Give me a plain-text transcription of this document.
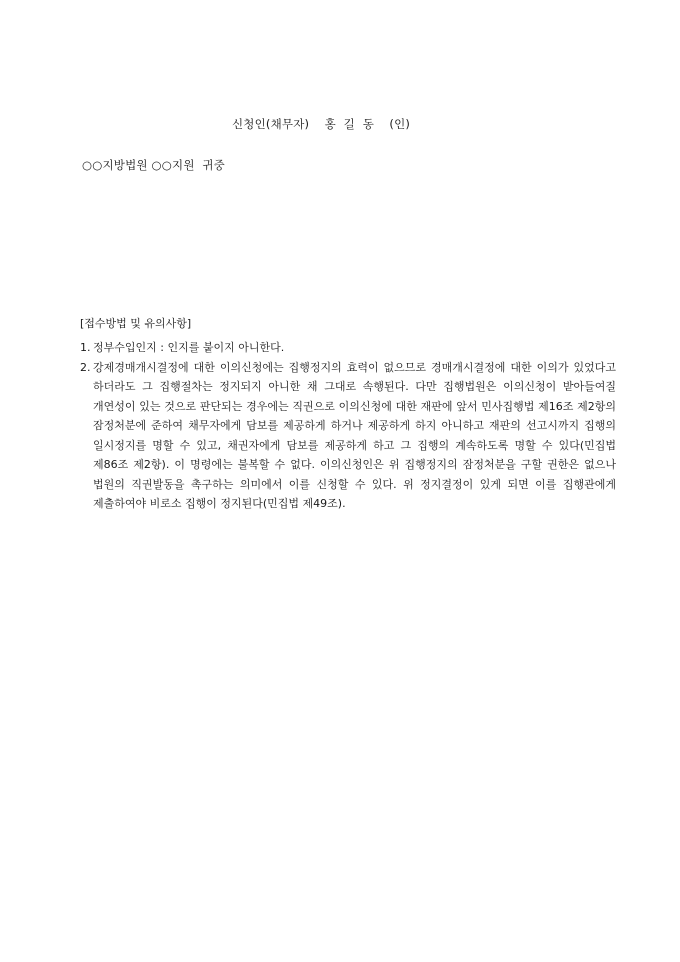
신청인(채무자)    홍  길  동    (인)
○○지방법원 ○○지원  귀중
[접수방법 및 유의사항]
1. 정부수입인지 : 인지를 붙이지 아니한다.
2. 강제경매개시결정에 대한 이의신청에는 집행정지의 효력이 없으므로 경매개시결정에 대한 이의가 있었다고 하더라도 그 집행절차는 정지되지 아니한 채 그대로 속행된다. 다만 집행법원은 이의신청이 받아들여질 개연성이 있는 것으로 판단되는 경우에는 직권으로 이의신청에 대한 재판에 앞서 민사집행법 제16조 제2항의 잠정처분에 준하여 채무자에게 담보를 제공하게 하거나 제공하게 하지 아니하고 재판의 선고시까지 집행의 일시정지를 명할 수 있고, 채권자에게 담보를 제공하게 하고 그 집행의 계속하도록 명할 수 있다(민집법 제86조 제2항). 이 명령에는 불복할 수 없다. 이의신청인은 위 집행정지의 잠정처분을 구할 권한은 없으나 법원의 직권발동을 촉구하는 의미에서 이를 신청할 수 있다. 위 정지결정이 있게 되면 이를 집행관에게 제출하여야 비로소 집행이 정지된다(민집법 제49조).
